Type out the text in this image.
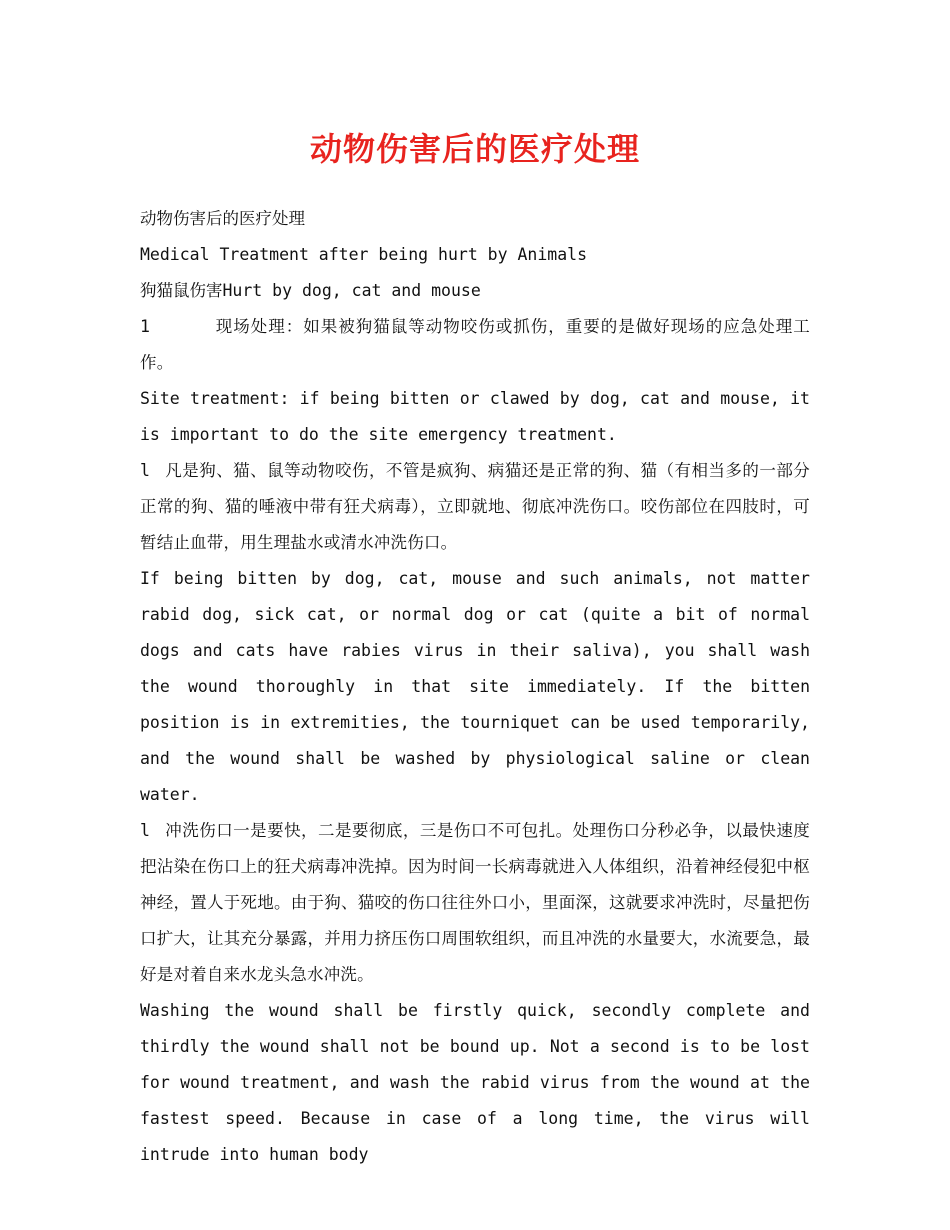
动物伤害后的医疗处理

动物伤害后的医疗处理

Medical Treatment after being hurt by Animals

狗猫鼠伤害Hurt by dog, cat and mouse

1	现场处理：如果被狗猫鼠等动物咬伤或抓伤，重要的是做好现场的应急处理工作。

Site treatment: if being bitten or clawed by dog, cat and mouse, it is important to do the site emergency treatment.

l 凡是狗、猫、鼠等动物咬伤，不管是疯狗、病猫还是正常的狗、猫（有相当多的一部分正常的狗、猫的唾液中带有狂犬病毒），立即就地、彻底冲洗伤口。咬伤部位在四肢时，可暂结止血带，用生理盐水或清水冲洗伤口。

If being bitten by dog, cat, mouse and such animals, not matter rabid dog, sick cat, or normal dog or cat (quite a bit of normal dogs and cats have rabies virus in their saliva), you shall wash the wound thoroughly in that site immediately. If the bitten position is in extremities, the tourniquet can be used temporarily, and the wound shall be washed by physiological saline or clean water.

l 冲洗伤口一是要快，二是要彻底，三是伤口不可包扎。处理伤口分秒必争，以最快速度把沾染在伤口上的狂犬病毒冲洗掉。因为时间一长病毒就进入人体组织，沿着神经侵犯中枢神经，置人于死地。由于狗、猫咬的伤口往往外口小，里面深，这就要求冲洗时，尽量把伤口扩大，让其充分暴露，并用力挤压伤口周围软组织，而且冲洗的水量要大，水流要急，最好是对着自来水龙头急水冲洗。

Washing the wound shall be firstly quick, secondly complete and thirdly the wound shall not be bound up. Not a second is to be lost for wound treatment, and wash the rabid virus from the wound at the fastest speed. Because in case of a long time, the virus will intrude into human body
